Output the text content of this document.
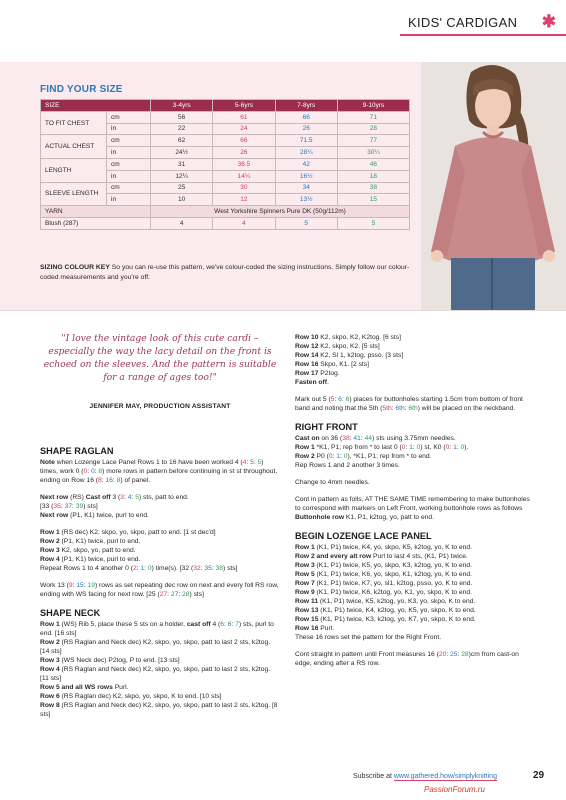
KIDS' CARDIGAN ✱
FIND YOUR SIZE
SIZE		3-4yrs	5-6yrs	7-8yrs	9-10yrs
TO FIT CHEST	cm	56	61	66	71
	in	22	24	26	28
ACTUAL CHEST	cm	62	66	71.5	77
	in	24½	26	28¼	30¼
LENGTH	cm	31	36.5	42	46
	in	12¼	14¼	16½	18
SLEEVE LENGTH	cm	25	30	34	38
	in	10	12	13½	15
YARN		West Yorkshire Spinners Pure DK (50g/112m)			
Blush (287)		4	4	5	5
SIZING COLOUR KEY So you can re-use this pattern, we've colour-coded the sizing instructions. Simply follow our colour-coded measurements and you're off.
"I love the vintage look of this cute cardi – especially the way the lacy detail on the front is echoed on the sleeves. And the pattern is suitable for a range of ages too!"
JENNIFER MAY, PRODUCTION ASSISTANT
SHAPE RAGLAN

Note when Lozenge Lace Panel Rows 1 to 16 have been worked 4 (4: 5: 5) times, work 0 (0: 0: 8) more rows in pattern before continuing in st st throughout, ending on Row 16 (8: 16: 8) of panel.

Next row (RS) Cast off 3 (3: 4: 5) sts, patt to end.

[33 (35: 37: 39) sts]

Next row (P1, K1) twice, purl to end.

Row 1 (RS dec) K2, skpo, yo, skpo, patt to end. [1 st dec'd]

Row 2 (P1, K1) twice, purl to end.

Row 3 K2, skpo, yo, patt to end.

Row 4 (P1, K1) twice, purl to end.

Repeat Rows 1 to 4 another 0 (2: 1: 0) time(s). [32 (32: 35: 38) sts]

Work 13 (9: 15: 19) rows as set repeating dec row on next and every foll RS row, ending with WS facing for next row. [25 (27: 27: 28) sts]

SHAPE NECK

Row 1 (WS) Rib 5, place these 5 sts on a holder, cast off 4 (6: 6: 7) sts, purl to end. [16 sts]

Row 2 (RS Raglan and Neck dec) K2, skpo, yo, skpo, patt to last 2 sts, k2tog. [14 sts]

Row 3 (WS Neck dec) P2tog, P to end. [13 sts]

Row 4 (RS Raglan and Neck dec) K2, skpo, yo, skpo, patt to last 2 sts, k2tog. [11 sts]

Row 5 and all WS rows Purl.

Row 6 (RS Raglan dec) K2, skpo, yo, skpo, K to end. [10 sts]

Row 8 (RS Raglan and Neck dec) K2, skpo, yo, skpo, patt to last 2 sts, k2tog. [8 sts]

Row 10 K2, skpo, K2, K2tog. [6 sts]

Row 12 K2, skpo, K2. [5 sts]

Row 14 K2, Sl 1, k2tog, psso. [3 sts]

Row 16 Skpo, K1. [2 sts]

Row 17 P2tog.

Fasten off.

Mark out 5 (5: 6: 6) places for buttonholes starting 1.5cm from bottom of front band and noting that the 5th (5th: 6th: 6th) will be placed on the neckband.

RIGHT FRONT

Cast on on 36 (38: 41: 44) sts using 3.75mm needles.

Row 1 *K1, P1; rep from * to last 0 (0: 1: 0) st, K0 (0: 1: 0).

Row 2 P0 (0: 1: 0), *K1, P1; rep from * to end.

Rep Rows 1 and 2 another 3 times.

Change to 4mm needles.

Cont in pattern as folls, AT THE SAME TIME remembering to make buttonholes to correspond with markers on Left Front, working buttonhole rows as follows

Buttonhole row K1, P1, k2tog, yo, patt to end.

BEGIN LOZENGE LACE PANEL

Row 1 (K1, P1) twice, K4, yo, skpo, K5, k2tog, yo, K to end.

Row 2 and every alt row Purl to last 4 sts, (K1, P1) twice.

Row 3 (K1, P1) twice, K5, yo, skpo, K3, k2tog, yo, K to end.

Row 5 (K1, P1) twice, K6, yo, skpo, K1, k2tog, yo, K to end.

Row 7 (K1, P1) twice, K7, yo, sl1, k2tog, psso, yo, K to end.

Row 9 (K1, P1) twice, K6, k2tog, yo, K1, yo, skpo, K to end.

Row 11 (K1, P1) twice, K5, k2tog, yo, K3, yo, skpo, K to end.

Row 13 (K1, P1) twice, K4, k2tog, yo, K5, yo, skpo, K to end.

Row 15 (K1, P1) twice, K3, k2tog, yo, K7, yo, skpo, K to end.

Row 16 Purl.

These 16 rows set the pattern for the Right Front.

Cont straight in pattern until Front measures 16 (20: 25: 28)cm from cast-on edge, ending after a RS row.

Subscribe at www.gathered.how/simplyknitting	29
PassionForum.ru
